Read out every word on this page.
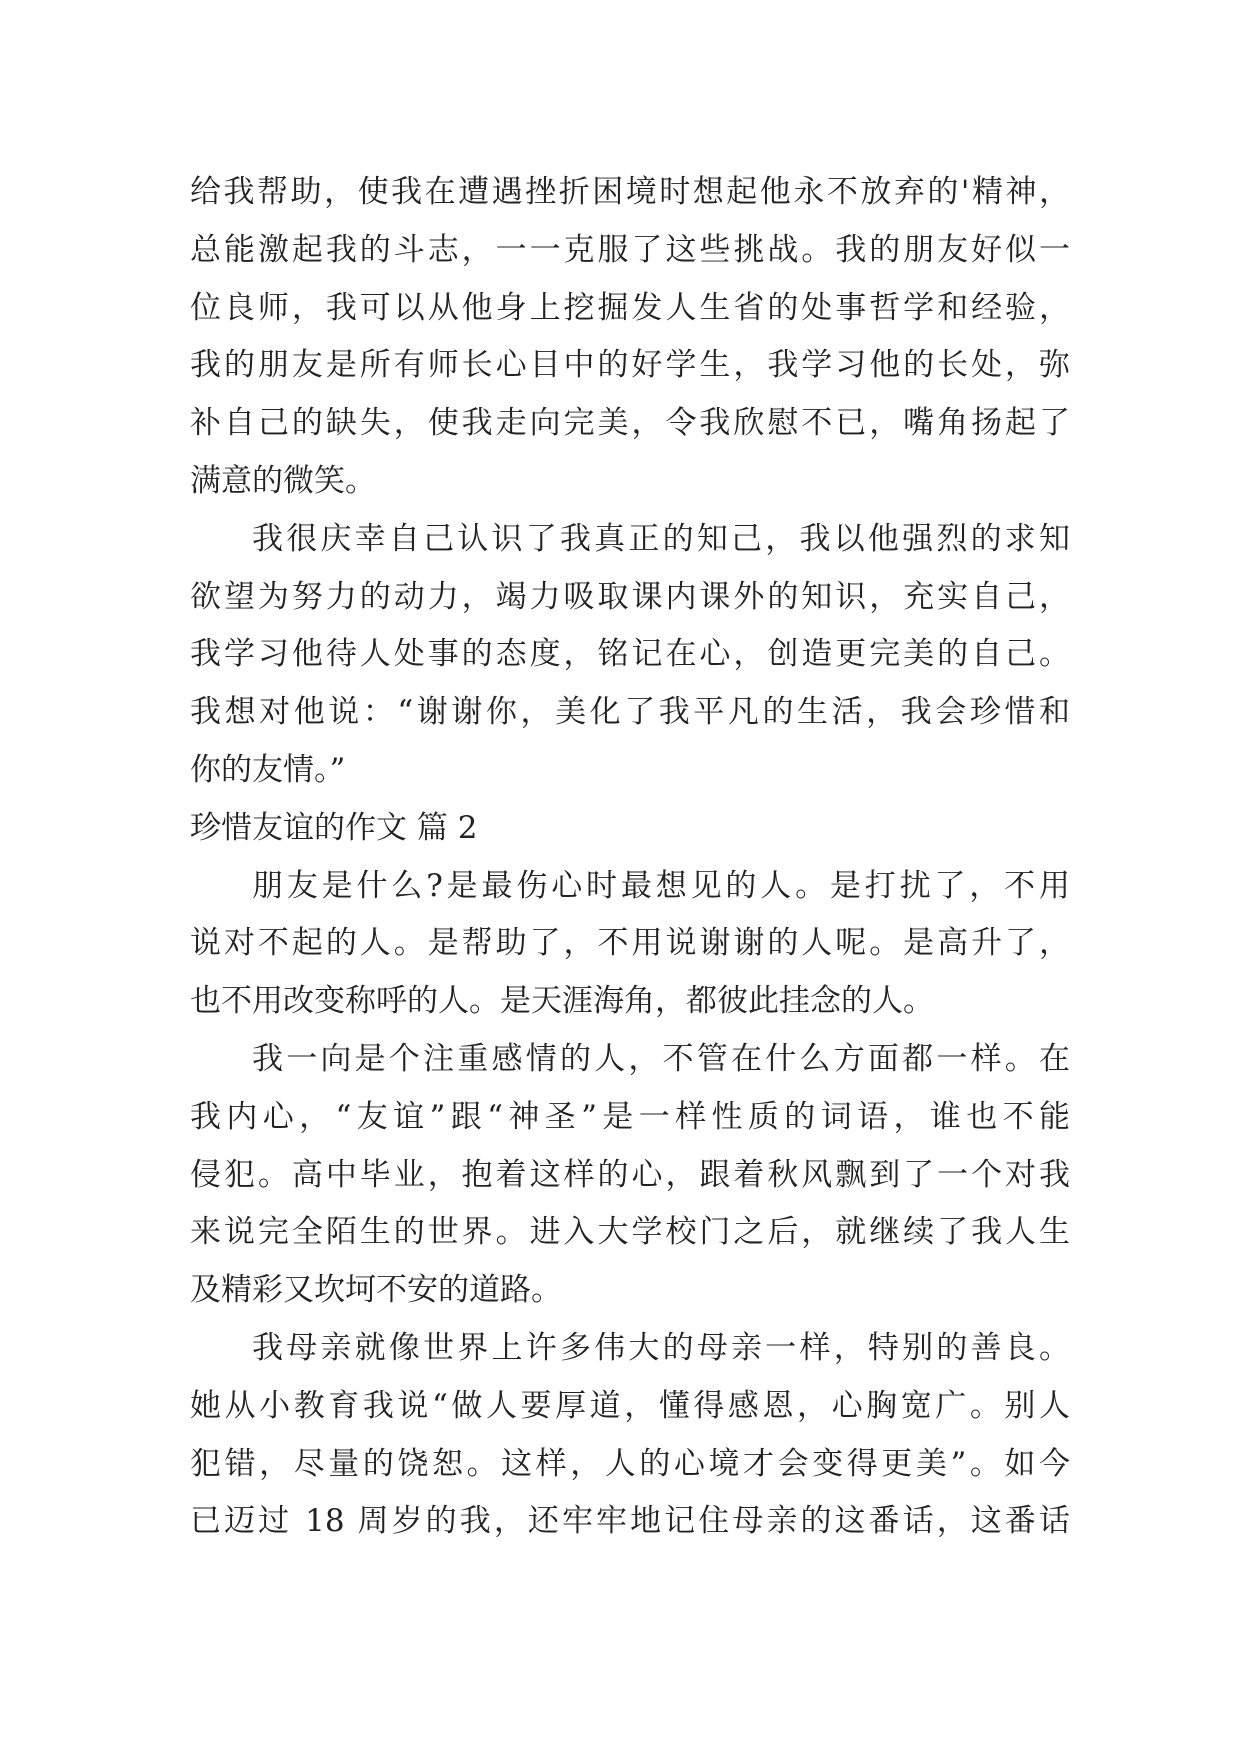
给我帮助，使我在遭遇挫折困境时想起他永不放弃的'精神，
总能激起我的斗志，一一克服了这些挑战。我的朋友好似一
位良师，我可以从他身上挖掘发人生省的处事哲学和经验，
我的朋友是所有师长心目中的好学生，我学习他的长处，弥
补自己的缺失，使我走向完美，令我欣慰不已，嘴角扬起了
满意的微笑。
我很庆幸自己认识了我真正的知己，我以他强烈的求知
欲望为努力的动力，竭力吸取课内课外的知识，充实自己，
我学习他待人处事的态度，铭记在心，创造更完美的自己。
我想对他说：“谢谢你，美化了我平凡的生活，我会珍惜和
你的友情。”
珍惜友谊的作文 篇 2
朋友是什么?是最伤心时最想见的人。是打扰了，不用
说对不起的人。是帮助了，不用说谢谢的人呢。是高升了，
也不用改变称呼的人。是天涯海角，都彼此挂念的人。
我一向是个注重感情的人，不管在什么方面都一样。在
我内心，“友谊”跟“神圣”是一样性质的词语，谁也不能
侵犯。高中毕业，抱着这样的心，跟着秋风飘到了一个对我
来说完全陌生的世界。进入大学校门之后，就继续了我人生
及精彩又坎坷不安的道路。
我母亲就像世界上许多伟大的母亲一样，特别的善良。
她从小教育我说“做人要厚道，懂得感恩，心胸宽广。别人
犯错，尽量的饶恕。这样，人的心境才会变得更美”。如今
已迈过 18 周岁的我，还牢牢地记住母亲的这番话，这番话
